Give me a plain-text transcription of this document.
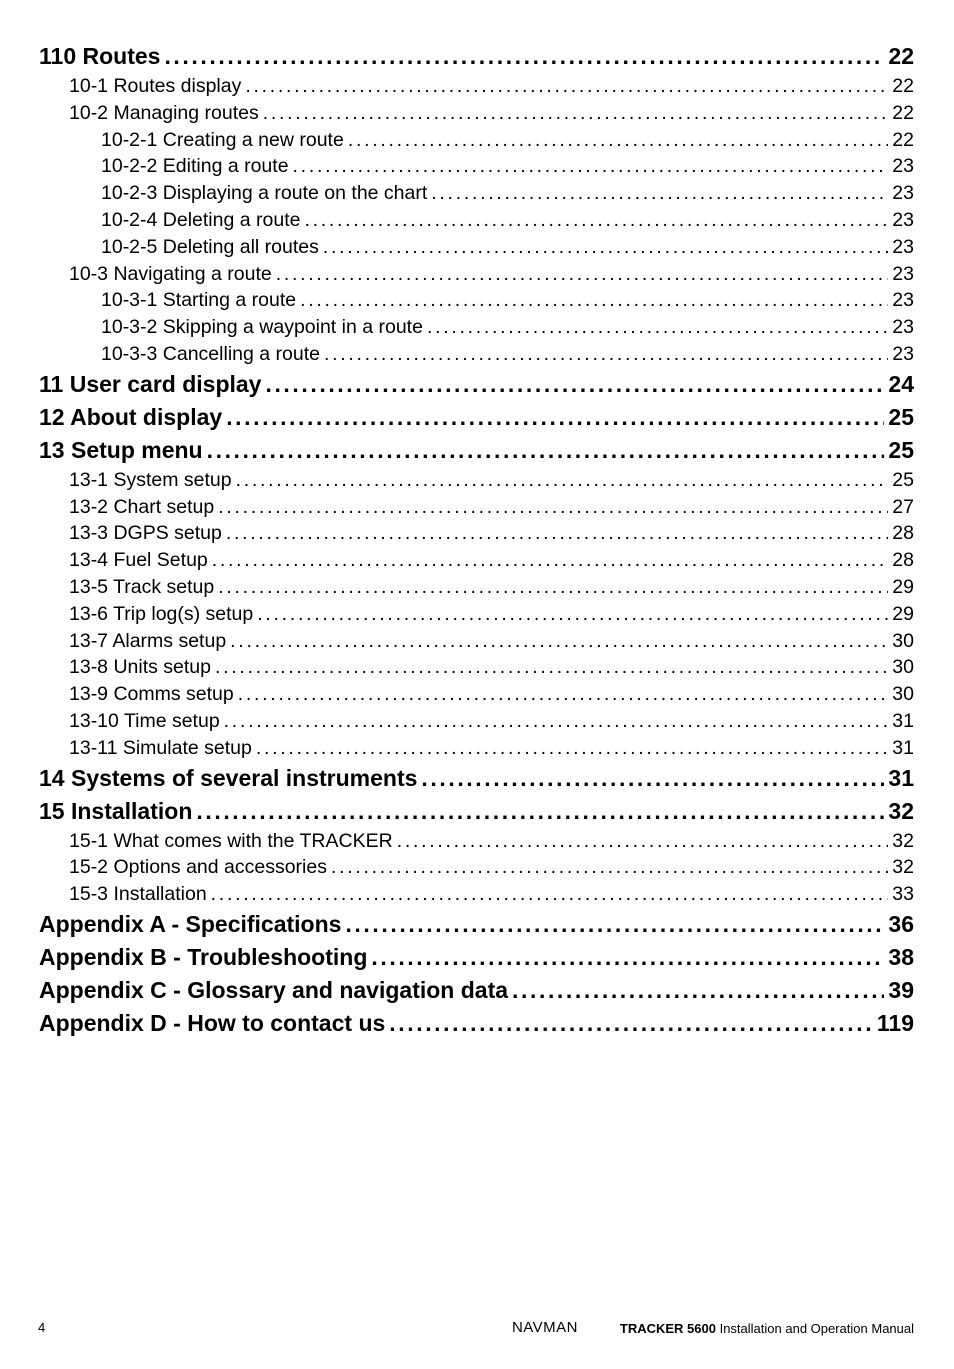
110 Routes . . .	22
10-1 Routes display . . .	22
10-2 Managing routes . . .	22
10-2-1 Creating a new route . . .	22
10-2-2 Editing a route . . .	23
10-2-3 Displaying a route on the chart . . .	23
10-2-4 Deleting a route . . .	23
10-2-5 Deleting all routes . . .	23
10-3 Navigating a route . . .	23
10-3-1 Starting a route . . .	23
10-3-2 Skipping a waypoint in a route . . .	23
10-3-3 Cancelling a route . . .	23
11 User card display . . .	24
12 About display . . .	25
13 Setup menu . . .	25
13-1 System setup . . .	25
13-2 Chart setup . . .	27
13-3 DGPS setup . . .	28
13-4 Fuel Setup . . .	28
13-5 Track setup . . .	29
13-6 Trip log(s) setup . . .	29
13-7 Alarms setup . . .	30
13-8 Units setup . . .	30
13-9 Comms setup . . .	30
13-10 Time setup . . .	31
13-11 Simulate setup . . .	31
14 Systems of several instruments . . .	31
15 Installation . . .	32
15-1 What comes with the TRACKER . . .	32
15-2 Options and accessories . . .	32
15-3 Installation . . .	33
Appendix A - Specifications . . .	36
Appendix B - Troubleshooting . . .	38
Appendix C - Glossary and navigation data . . .	39
Appendix D - How to contact us . . .	119
4	NAVMAN	TRACKER 5600 Installation and Operation Manual
